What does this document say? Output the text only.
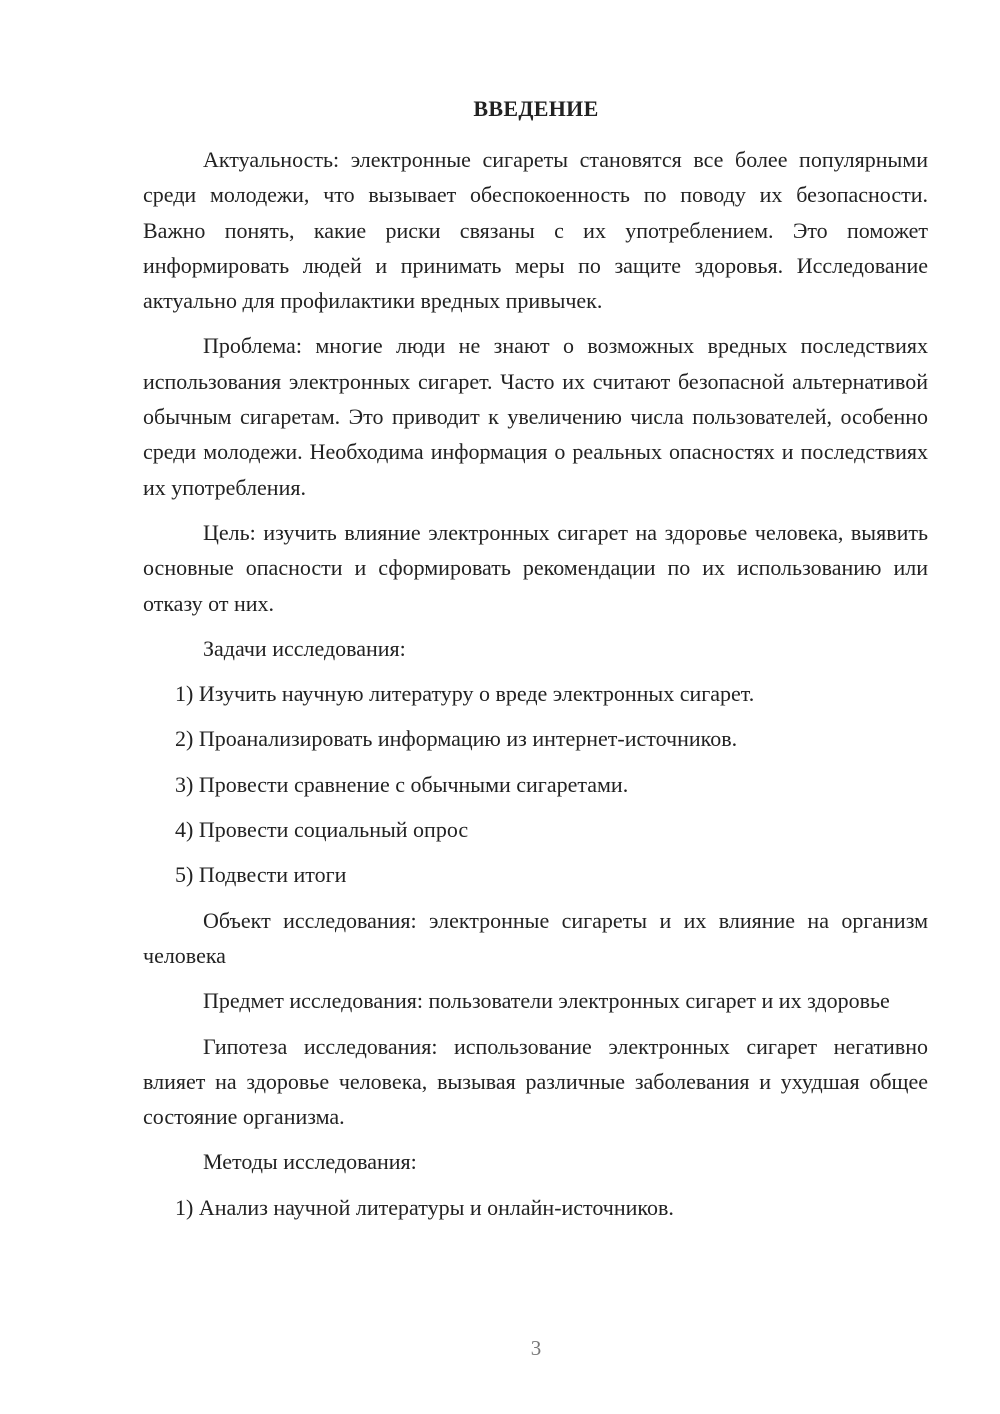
ВВЕДЕНИЕ

Актуальность: электронные сигареты становятся все более популярными среди молодежи, что вызывает обеспокоенность по поводу их безопасности. Важно понять, какие риски связаны с их употреблением. Это поможет информировать людей и принимать меры по защите здоровья. Исследование актуально для профилактики вредных привычек.

Проблема: многие люди не знают о возможных вредных последствиях использования электронных сигарет. Часто их считают безопасной альтернативой обычным сигаретам. Это приводит к увеличению числа пользователей, особенно среди молодежи. Необходима информация о реальных опасностях и последствиях их употребления.

Цель: изучить влияние электронных сигарет на здоровье человека, выявить основные опасности и сформировать рекомендации по их использованию или отказу от них.

Задачи исследования:
1) Изучить научную литературу о вреде электронных сигарет.
2) Проанализировать информацию из интернет-источников.
3) Провести сравнение с обычными сигаретами.
4) Провести социальный опрос
5) Подвести итоги

Объект исследования: электронные сигареты и их влияние на организм человека

Предмет исследования: пользователи электронных сигарет и их здоровье

Гипотеза исследования: использование электронных сигарет негативно влияет на здоровье человека, вызывая различные заболевания и ухудшая общее состояние организма.

Методы исследования:
1) Анализ научной литературы и онлайн-источников.
3
